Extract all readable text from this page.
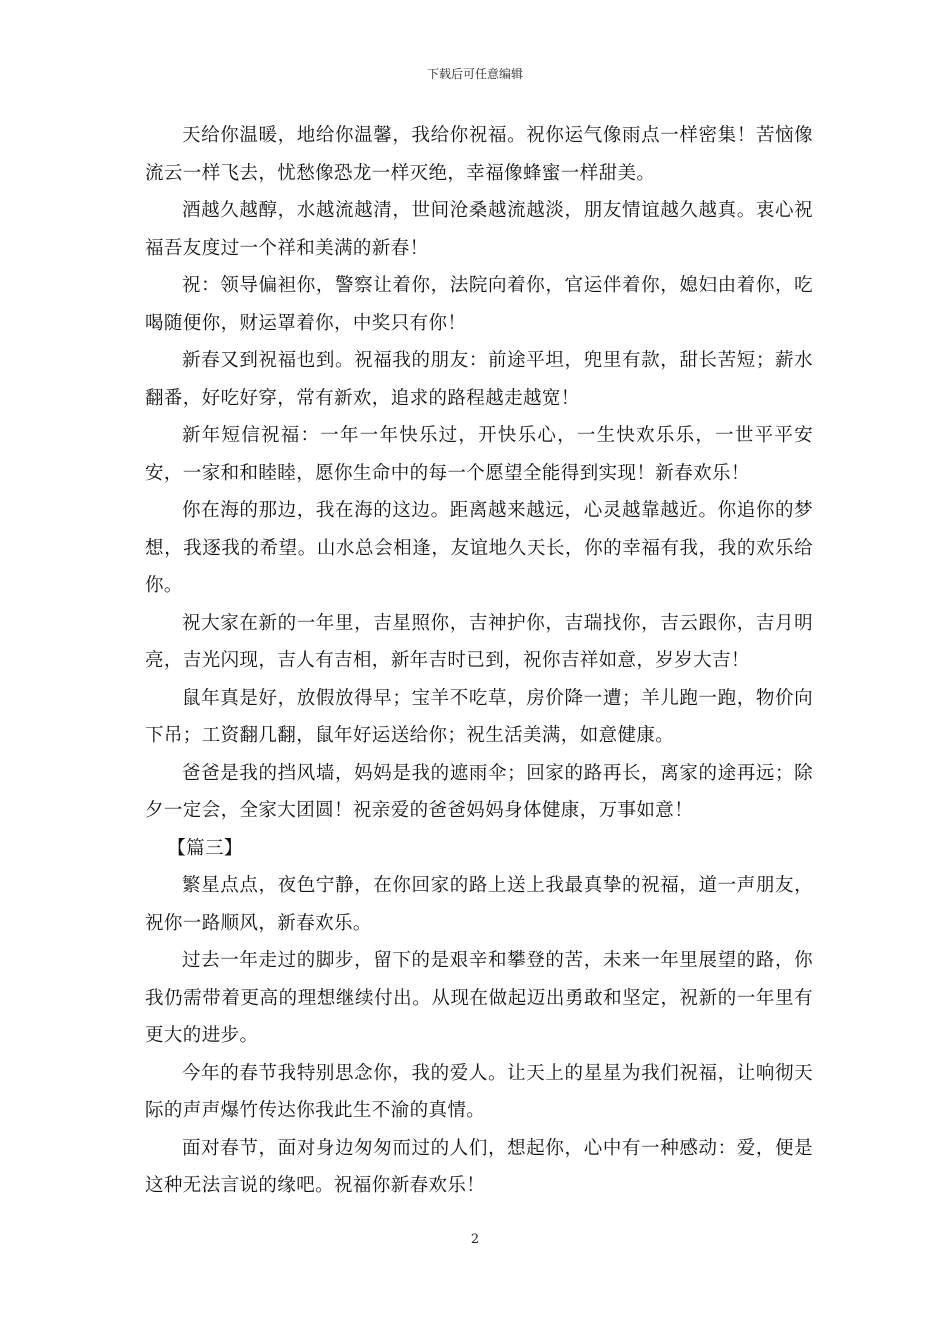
下载后可任意编辑

天给你温暖，地给你温馨，我给你祝福。祝你运气像雨点一样密集！苦恼像流云一样飞去，忧愁像恐龙一样灭绝，幸福像蜂蜜一样甜美。

酒越久越醇，水越流越清，世间沧桑越流越淡，朋友情谊越久越真。衷心祝福吾友度过一个祥和美满的新春！

祝：领导偏袒你，警察让着你，法院向着你，官运伴着你，媳妇由着你，吃喝随便你，财运罩着你，中奖只有你！

新春又到祝福也到。祝福我的朋友：前途平坦，兜里有款，甜长苦短；薪水翻番，好吃好穿，常有新欢，追求的路程越走越宽！

新年短信祝福：一年一年快乐过，开快乐心，一生快欢乐乐，一世平平安安，一家和和睦睦，愿你生命中的每一个愿望全能得到实现！新春欢乐！

你在海的那边，我在海的这边。距离越来越远，心灵越靠越近。你追你的梦想，我逐我的希望。山水总会相逢，友谊地久天长，你的幸福有我，我的欢乐给你。

祝大家在新的一年里，吉星照你，吉神护你，吉瑞找你，吉云跟你，吉月明亮，吉光闪现，吉人有吉相，新年吉时已到，祝你吉祥如意，岁岁大吉！

鼠年真是好，放假放得早；宝羊不吃草，房价降一遭；羊儿跑一跑，物价向下吊；工资翻几翻，鼠年好运送给你；祝生活美满，如意健康。

爸爸是我的挡风墙，妈妈是我的遮雨伞；回家的路再长，离家的途再远；除夕一定会，全家大团圆！祝亲爱的爸爸妈妈身体健康，万事如意！

【篇三】

繁星点点，夜色宁静，在你回家的路上送上我最真挚的祝福，道一声朋友，祝你一路顺风，新春欢乐。

过去一年走过的脚步，留下的是艰辛和攀登的苦，未来一年里展望的路，你我仍需带着更高的理想继续付出。从现在做起迈出勇敢和坚定，祝新的一年里有更大的进步。

今年的春节我特别思念你，我的爱人。让天上的星星为我们祝福，让响彻天际的声声爆竹传达你我此生不渝的真情。

面对春节，面对身边匆匆而过的人们，想起你，心中有一种感动：爱，便是这种无法言说的缘吧。祝福你新春欢乐！

2
